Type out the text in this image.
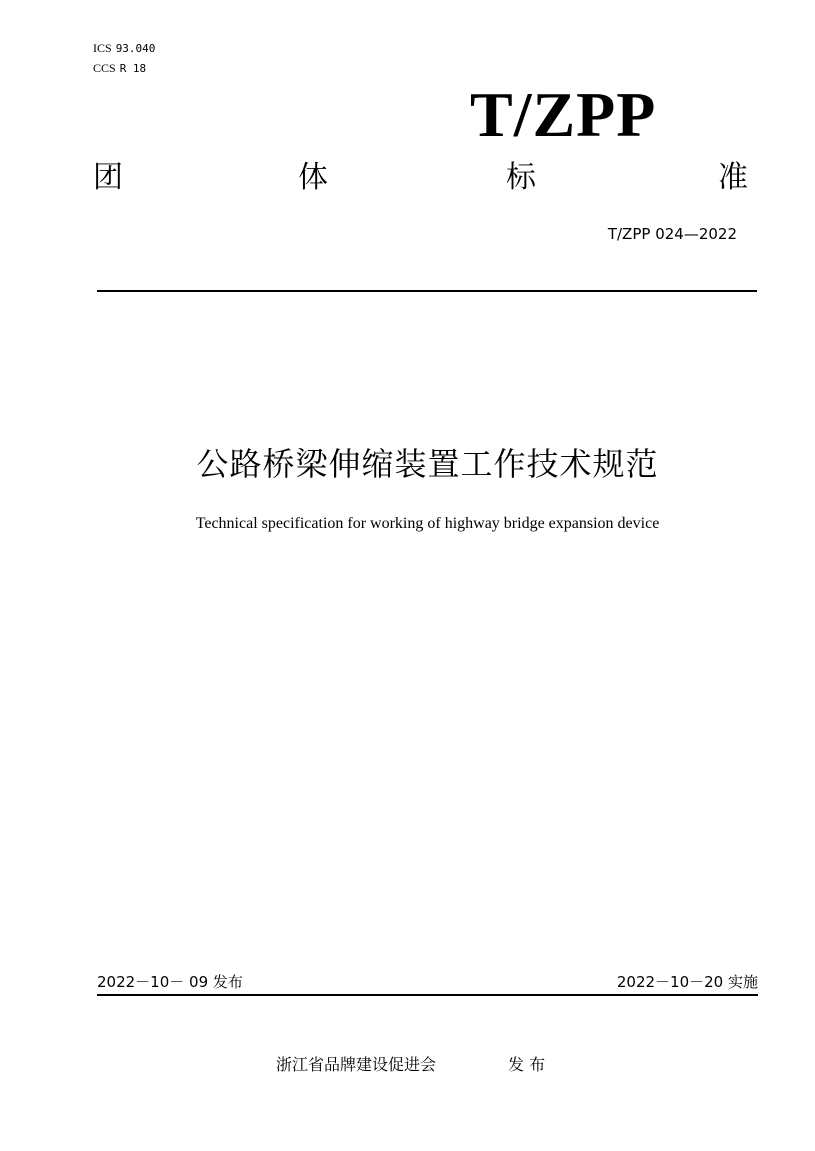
ICS 93.040
CCS R 18
T/ZPP
团	体	标	准
T/ZPP 024—2022
公路桥梁伸缩装置工作技术规范
Technical specification for working of highway bridge expansion device
2022－10－ 09 发布	2022－10－20 实施
浙江省品牌建设促进会	发 布
